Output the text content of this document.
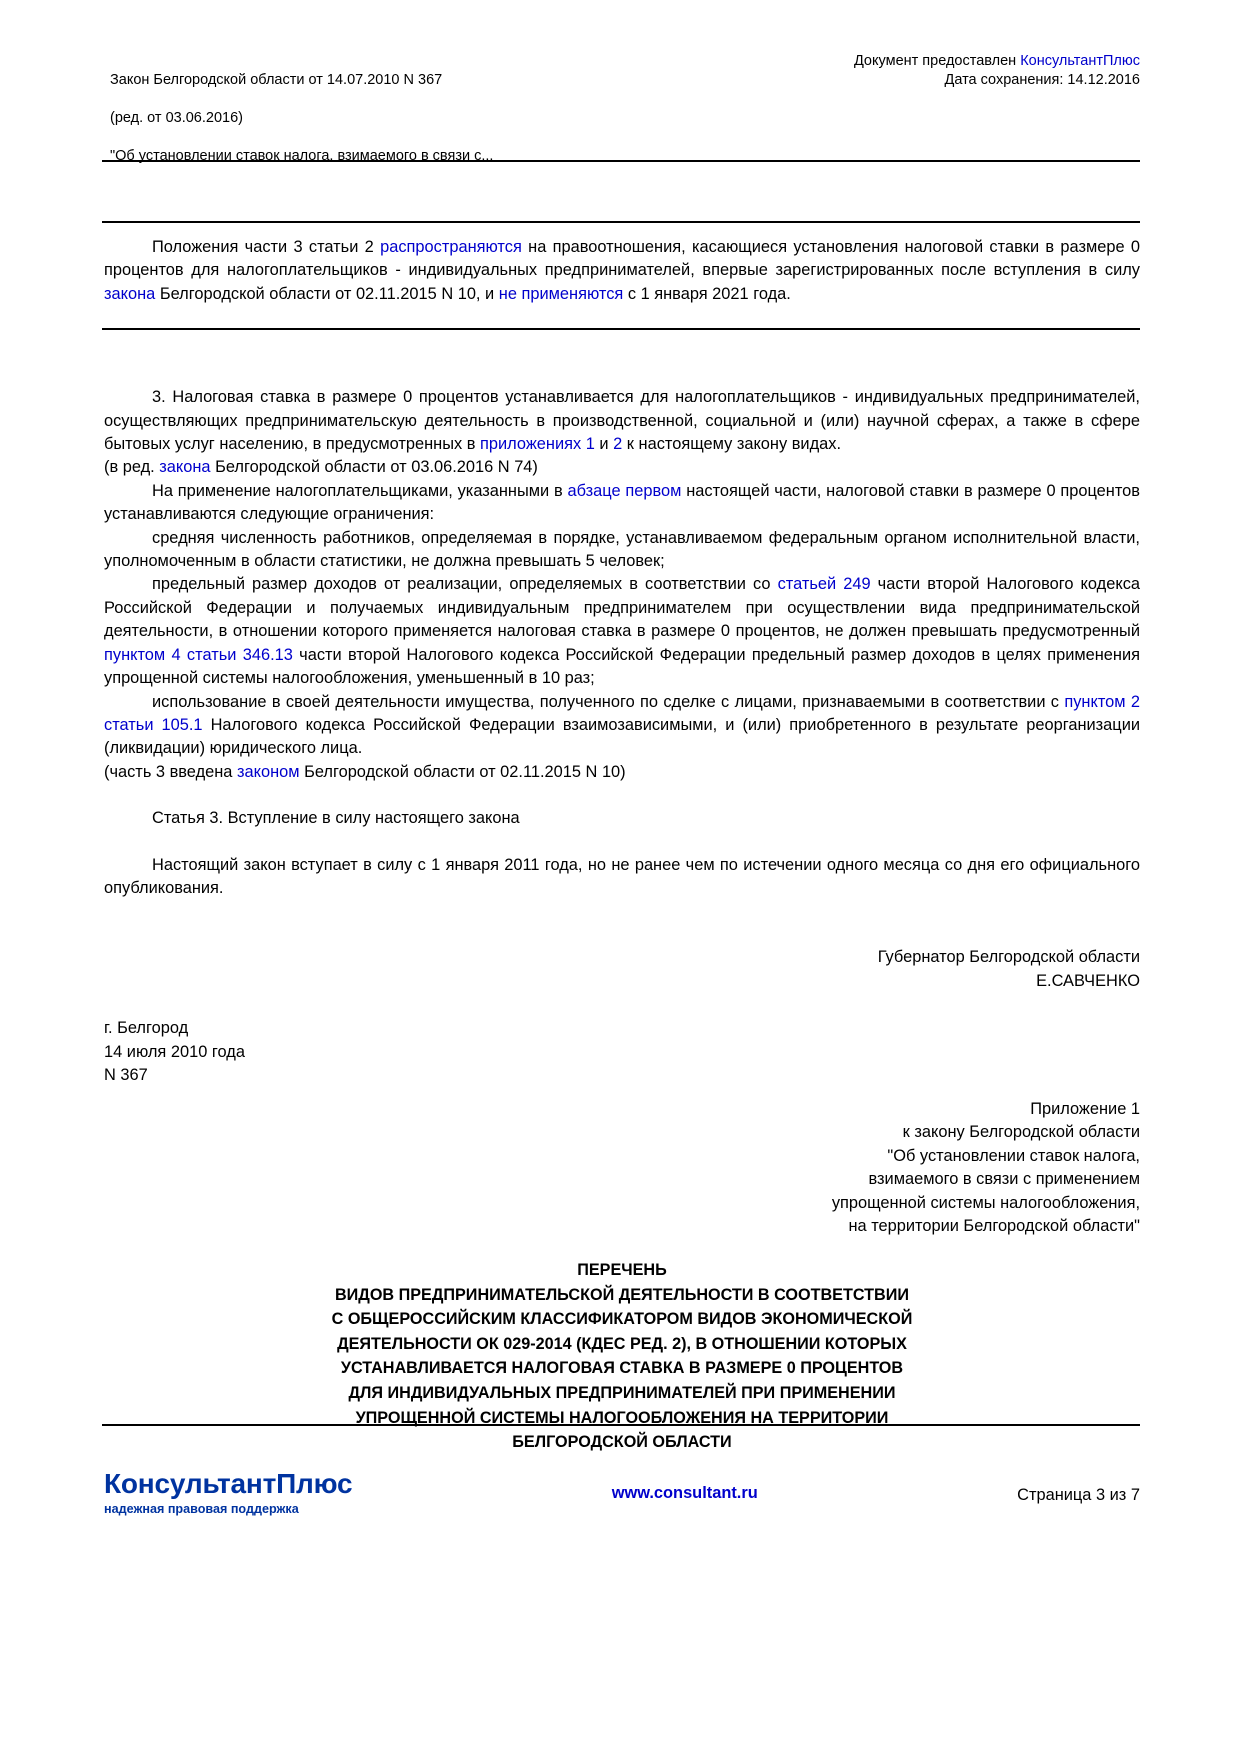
Закон Белгородской области от 14.07.2010 N 367

(ред. от 03.06.2016)

"Об установлении ставок налога, взимаемого в связи с...

Документ предоставлен КонсультантПлюс
Дата сохранения: 14.12.2016

Положения части 3 статьи 2 распространяются на правоотношения, касающиеся установления налоговой ставки в размере 0 процентов для налогоплательщиков - индивидуальных предпринимателей, впервые зарегистрированных после вступления в силу закона Белгородской области от 02.11.2015 N 10, и не применяются с 1 января 2021 года.

3. Налоговая ставка в размере 0 процентов устанавливается для налогоплательщиков - индивидуальных предпринимателей, осуществляющих предпринимательскую деятельность в производственной, социальной и (или) научной сферах, а также в сфере бытовых услуг населению, в предусмотренных в приложениях 1 и 2 к настоящему закону видах.

(в ред. закона Белгородской области от 03.06.2016 N 74)

На применение налогоплательщиками, указанными в абзаце первом настоящей части, налоговой ставки в размере 0 процентов устанавливаются следующие ограничения:

средняя численность работников, определяемая в порядке, устанавливаемом федеральным органом исполнительной власти, уполномоченным в области статистики, не должна превышать 5 человек;

предельный размер доходов от реализации, определяемых в соответствии со статьей 249 части второй Налогового кодекса Российской Федерации и получаемых индивидуальным предпринимателем при осуществлении вида предпринимательской деятельности, в отношении которого применяется налоговая ставка в размере 0 процентов, не должен превышать предусмотренный пунктом 4 статьи 346.13 части второй Налогового кодекса Российской Федерации предельный размер доходов в целях применения упрощенной системы налогообложения, уменьшенный в 10 раз;

использование в своей деятельности имущества, полученного по сделке с лицами, признаваемыми в соответствии с пунктом 2 статьи 105.1 Налогового кодекса Российской Федерации взаимозависимыми, и (или) приобретенного в результате реорганизации (ликвидации) юридического лица.

(часть 3 введена законом Белгородской области от 02.11.2015 N 10)

Статья 3. Вступление в силу настоящего закона

Настоящий закон вступает в силу с 1 января 2011 года, но не ранее чем по истечении одного месяца со дня его официального опубликования.

Губернатор Белгородской области
Е.САВЧЕНКО
г. Белгород
14 июля 2010 года
N 367
Приложение 1
к закону Белгородской области
"Об установлении ставок налога,
взимаемого в связи с применением
упрощенной системы налогообложения,
на территории Белгородской области"
ПЕРЕЧЕНЬ
ВИДОВ ПРЕДПРИНИМАТЕЛЬСКОЙ ДЕЯТЕЛЬНОСТИ В СООТВЕТСТВИИ
С ОБЩЕРОССИЙСКИМ КЛАССИФИКАТОРОМ ВИДОВ ЭКОНОМИЧЕСКОЙ
ДЕЯТЕЛЬНОСТИ ОК 029-2014 (КДЕС РЕД. 2), В ОТНОШЕНИИ КОТОРЫХ
УСТАНАВЛИВАЕТСЯ НАЛОГОВАЯ СТАВКА В РАЗМЕРЕ 0 ПРОЦЕНТОВ
ДЛЯ ИНДИВИДУАЛЬНЫХ ПРЕДПРИНИМАТЕЛЕЙ ПРИ ПРИМЕНЕНИИ
УПРОЩЕННОЙ СИСТЕМЫ НАЛОГООБЛОЖЕНИЯ НА ТЕРРИТОРИИ
БЕЛГОРОДСКОЙ ОБЛАСТИ
КонсультантПлюс
надежная правовая поддержка
www.consultant.ru	Страница 3 из 7
